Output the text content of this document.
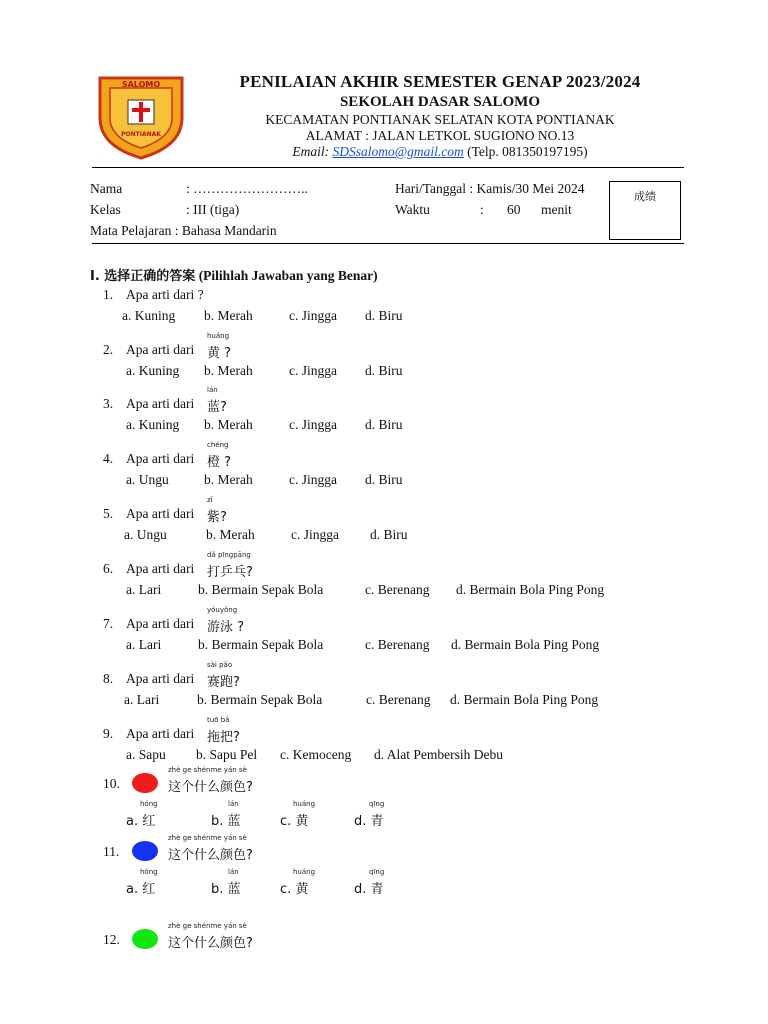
SALOMO
PONTIANAK
PENILAIAN AKHIR SEMESTER GENAP 2023/2024
SEKOLAH DASAR SALOMO
KECAMATAN PONTIANAK SELATAN KOTA PONTIANAK
ALAMAT : JALAN LETKOL SUGIONO NO.13
Email: SDSsalomo@gmail.com (Telp. 081350197195)
Nama	: ……………………..
Kelas	: III (tiga)
Mata Pelajaran : Bahasa Mandarin
Hari/Tanggal : Kamis/30 Mei 2024
Waktu	: 60 menit
成绩
I. 选择正确的答案 (Pilihlah Jawaban yang Benar)
1. Apa arti dari ?
a. Kuning b. Merah	c. Jingga d. Biru
2. Apa arti dari
huáng
黄 ?
a. Kuning b. Merah	c. Jingga d. Biru
3. Apa arti dari
lán
蓝?
a. Kuning b. Merah	c. Jingga d. Biru
4. Apa arti dari
chéng
橙 ?
a. Ungu	b. Merah	c. Jingga d. Biru
5. Apa arti dari
zǐ
紫?
a. Ungu	b. Merah	c. Jingga d. Biru
6. Apa arti dari
dǎ pīngpāng
打乒乓?
a. Lari	b. Bermain Sepak Bola	c. Berenang d. Bermain Bola Ping Pong
7. Apa arti dari
yóuyǒng
游泳 ?
a. Lari	b. Bermain Sepak Bola	c. Berenang d. Bermain Bola Ping Pong
8. Apa arti dari
sài pǎo
赛跑?
a. Lari	b. Bermain Sepak Bola	c. Berenang d. Bermain Bola Ping Pong
9. Apa arti dari
tuō bǎ
拖把?
a. Sapu b. Sapu Pel c. Kemoceng d. Alat Pembersih Debu
10.
zhè ge shénme yán sè
这个什么颜色?
hóng
a. 红
lán
b. 蓝
huáng
c. 黄
qīng
d. 青
11.
zhè ge shénme yán sè
这个什么颜色?
hóng
a. 红
lán
b. 蓝
huáng
c. 黄
qīng
d. 青
12.
zhè ge shénme yán sè
这个什么颜色?
